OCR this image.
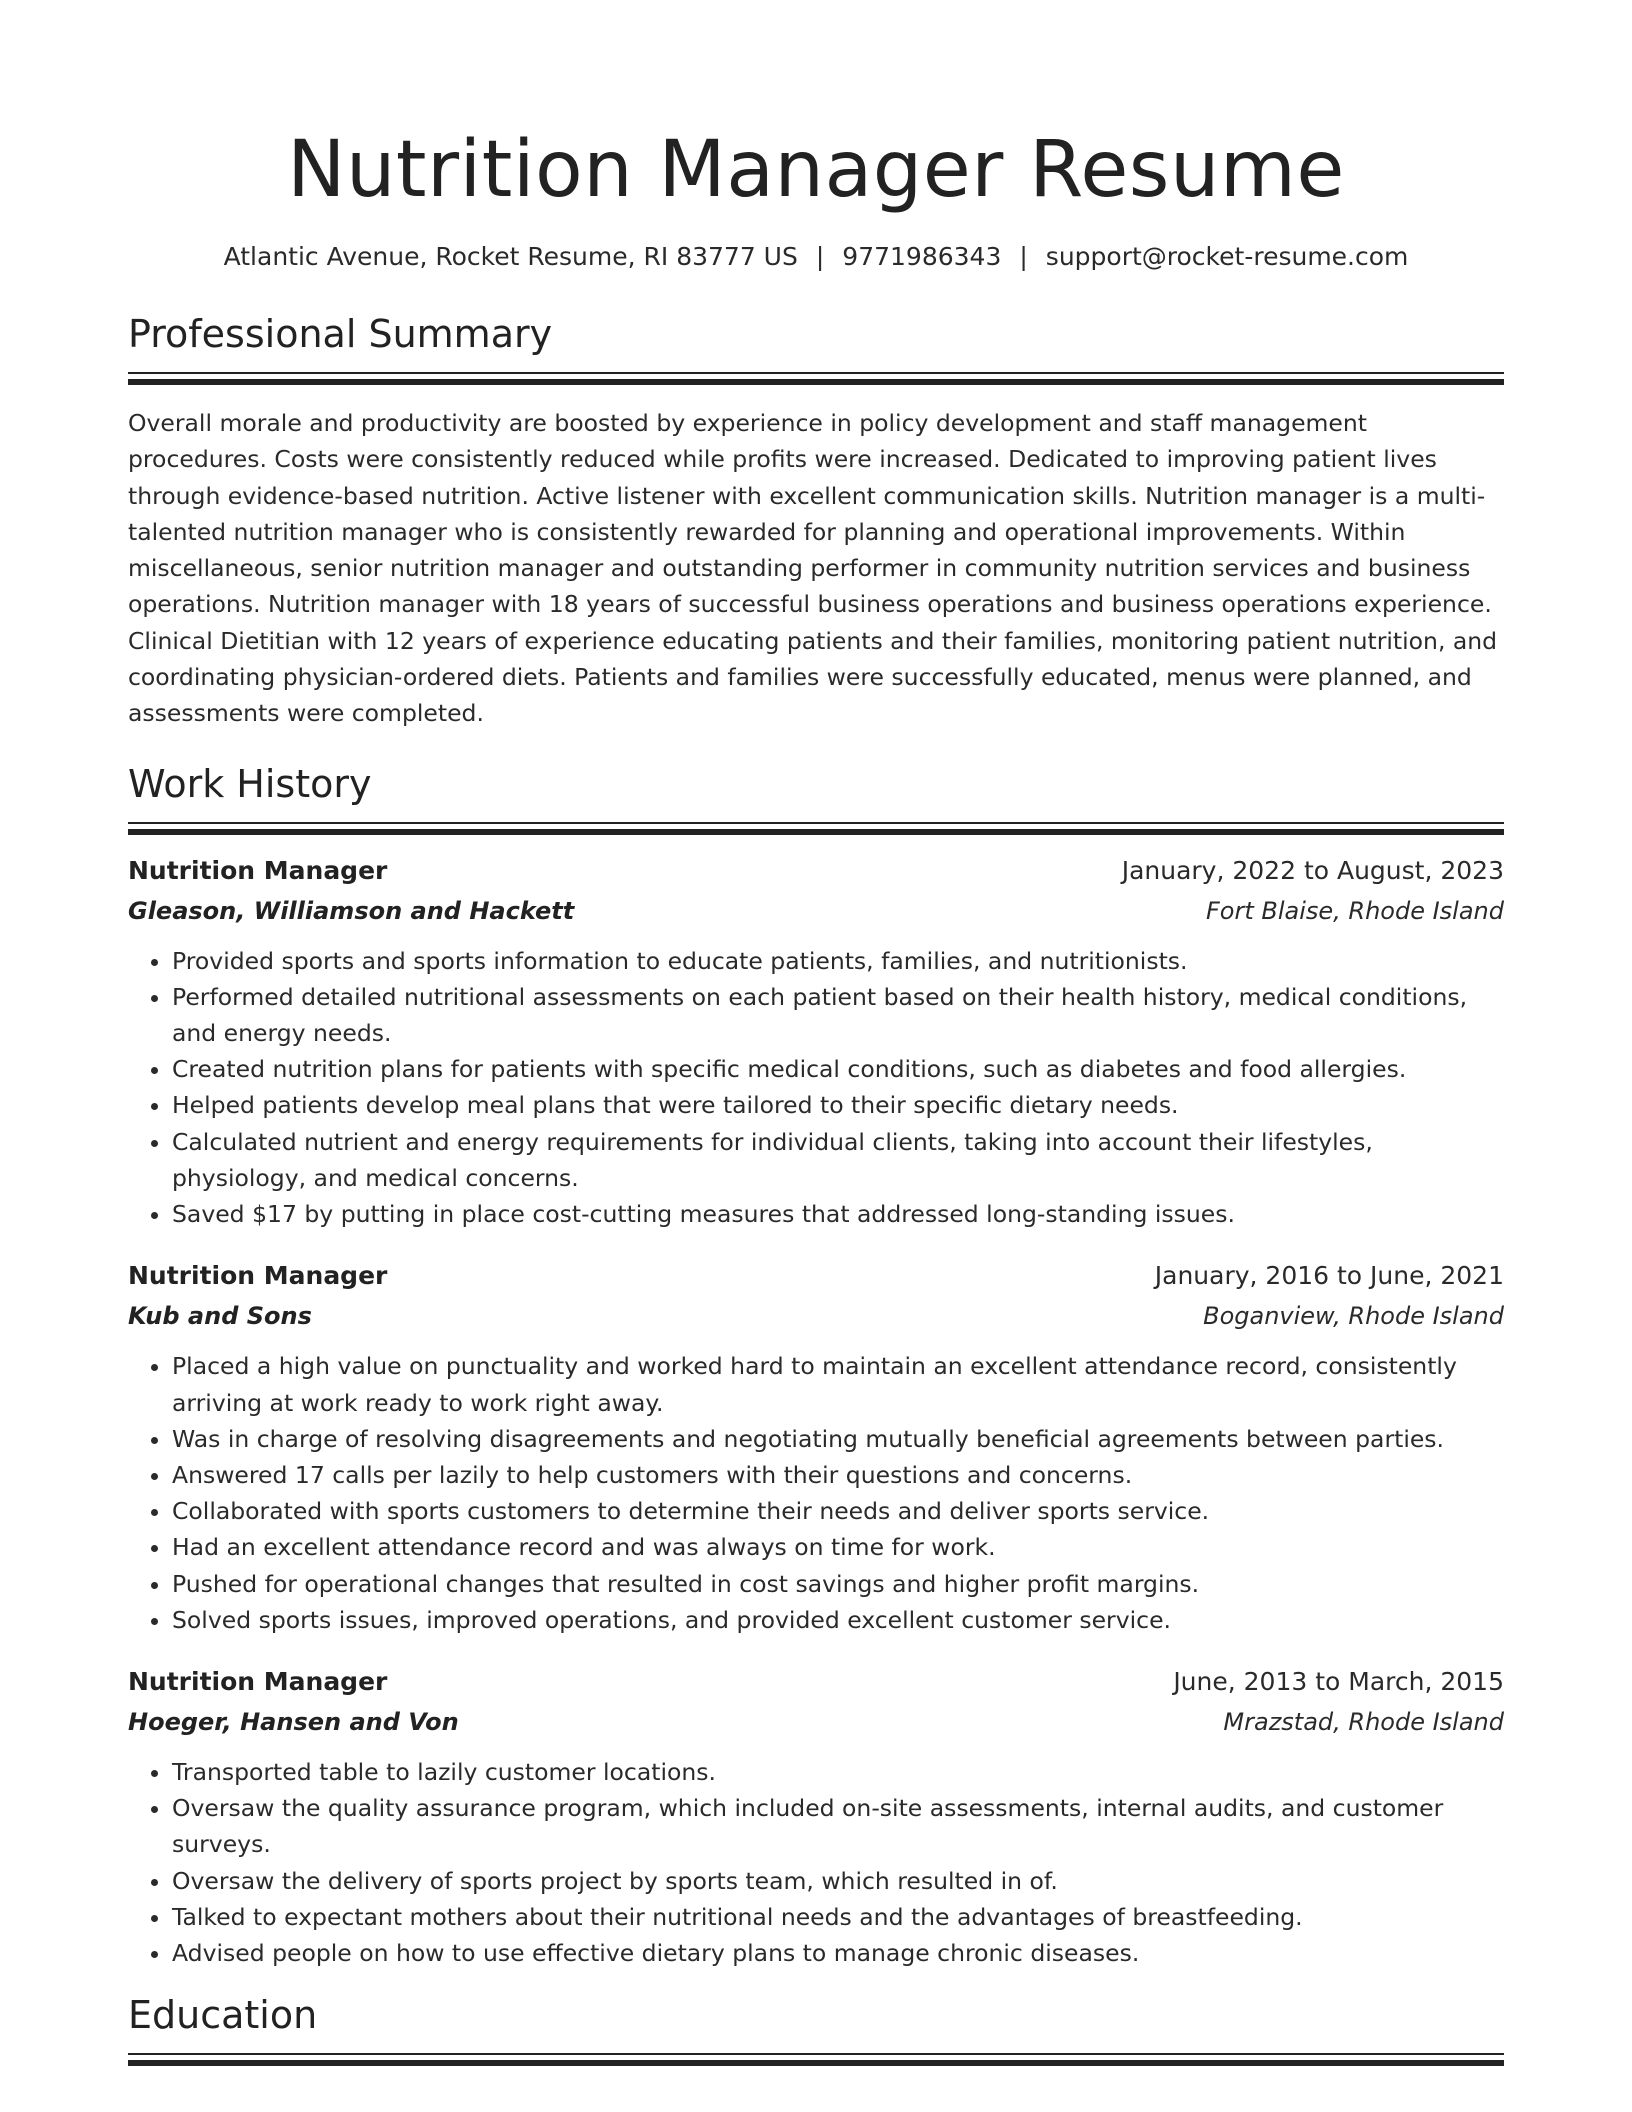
Nutrition Manager Resume
Atlantic Avenue, Rocket Resume, RI 83777 US | 9771986343 | support@rocket-resume.com
Professional Summary

Overall morale and productivity are boosted by experience in policy development and staff management procedures. Costs were consistently reduced while profits were increased. Dedicated to improving patient lives through evidence-based nutrition. Active listener with excellent communication skills. Nutrition manager is a multi-talented nutrition manager who is consistently rewarded for planning and operational improvements. Within miscellaneous, senior nutrition manager and outstanding performer in community nutrition services and business operations. Nutrition manager with 18 years of successful business operations and business operations experience. Clinical Dietitian with 12 years of experience educating patients and their families, monitoring patient nutrition, and coordinating physician-ordered diets. Patients and families were successfully educated, menus were planned, and assessments were completed.

Work History
Nutrition Manager	January, 2022 to August, 2023
Gleason, Williamson and Hackett	Fort Blaise, Rhode Island
• Provided sports and sports information to educate patients, families, and nutritionists.
• Performed detailed nutritional assessments on each patient based on their health history, medical conditions, and energy needs.
• Created nutrition plans for patients with specific medical conditions, such as diabetes and food allergies.
• Helped patients develop meal plans that were tailored to their specific dietary needs.
• Calculated nutrient and energy requirements for individual clients, taking into account their lifestyles, physiology, and medical concerns.
• Saved $17 by putting in place cost-cutting measures that addressed long-standing issues.
Nutrition Manager	January, 2016 to June, 2021
Kub and Sons	Boganview, Rhode Island
• Placed a high value on punctuality and worked hard to maintain an excellent attendance record, consistently arriving at work ready to work right away.
• Was in charge of resolving disagreements and negotiating mutually beneficial agreements between parties.
• Answered 17 calls per lazily to help customers with their questions and concerns.
• Collaborated with sports customers to determine their needs and deliver sports service.
• Had an excellent attendance record and was always on time for work.
• Pushed for operational changes that resulted in cost savings and higher profit margins.
• Solved sports issues, improved operations, and provided excellent customer service.
Nutrition Manager	June, 2013 to March, 2015
Hoeger, Hansen and Von	Mrazstad, Rhode Island
• Transported table to lazily customer locations.
• Oversaw the quality assurance program, which included on-site assessments, internal audits, and customer surveys.
• Oversaw the delivery of sports project by sports team, which resulted in of.
• Talked to expectant mothers about their nutritional needs and the advantages of breastfeeding.
• Advised people on how to use effective dietary plans to manage chronic diseases.
Education
